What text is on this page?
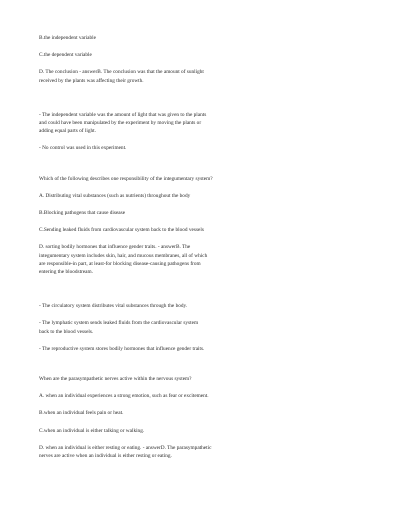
B.the independent variable

C.the dependent variable

D. The conclusion - answerB. The conclusion was that the amount of sunlight
received by the plants was affecting their growth.

- The independent variable was the amount of light that was given to the plants
and could have been manipulated by the experiment by moving the plants or
adding equal parts of light.

- No control was used in this experiment.

Which of the following describes one responsibility of the integumentary system?

A. Distributing vital substances (such as nutrients) throughout the body

B.Blocking pathogens that cause disease

C.Sending leaked fluids from cardiovascular system back to the blood vessels

D. sorting bodily hormones that influence gender traits. - answerB. The
integumentary system includes skin, hair, and mucous membranes, all of which
are responsible-in part, at least-for blocking disease-causing pathogens from
entering the bloodstream.

- The circulatory system distributes vital substances through the body.

- The lymphatic system sends leaked fluids from the cardiovascular system
back to the blood vessels.

- The reproductive system stores bodily hormones that influence gender traits.

When are the parasympathetic nerves active within the nervous system?

A. when an individual experiences a strong emotion, such as fear or excitement.

B.when an individual feels pain or heat.

C.when an individual is either talking or walking.

D. when an individual is either resting or eating. - answerD. The parasympathetic
nerves are active when an individual is either resting or eating.
